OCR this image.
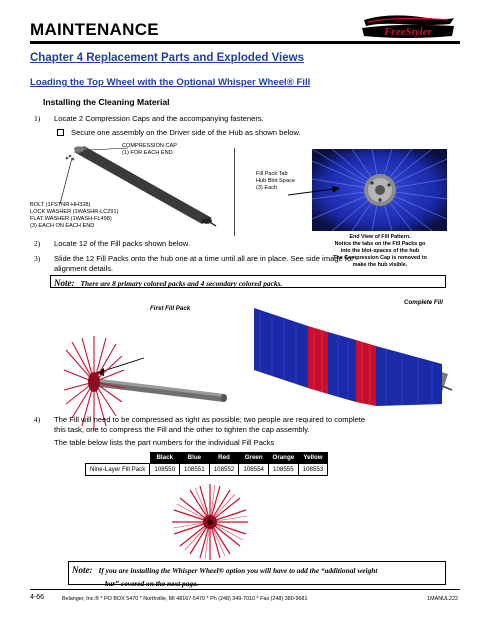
MAINTENANCE	FreeStyler
Chapter 4 Replacement Parts and Exploded Views
Loading the Top Wheel with the Optional Whisper Wheel® Fill
Installing the Cleaning Material
1) Locate 2 Compression Caps and the accompanying fasteners.
Secure one assembly on the Driver side of the Hub as shown below.
COMPRESSION CAP
(1) FOR EACH END
BOLT (1FSTNR-HH328)
LOCK WASHER (1WASHR-LC291)
FLAT WASHER (1WASH-FL498)
(3) EACH ON EACH END
Fill Pack Tab
Hub Blot Space
(3) Each
End View of Fill Pattern.
Notice the tabs on the Fill Packs go
into the blot-spaces of the hub
The Compression Cap is removed to
make the hub visible.
2) Locate 12 of the Fill packs shown below.
3) Slide the 12 Fill Packs onto the hub one at a time until all are in place. See side image for
alignment details.
Note: There are 8 primary colored packs and 4 secondary colored packs.
First Fill Pack
Complete Fill
4) The Fill will need to be compressed as tight as possible; two people are required to complete
this task, one to compress the Fill and the other to tighten the cap assembly.
The table below lists the part numbers for the individual Fill Packs
	Black	Blue	Red	Green	Orange	Yellow
Nine-Layer Fill Pack	108550	108551	108552	108554	108555	108553
Note: If you are installing the Whisper Wheel® option you will have to add the “additional weight
bar” covered on the next page.
4-66	Belanger, Inc.® * PO BOX 5470 * Northville, MI 48167-5470 * Ph (248) 349-7010 * Fax (248) 380-9681	1MANUL222
